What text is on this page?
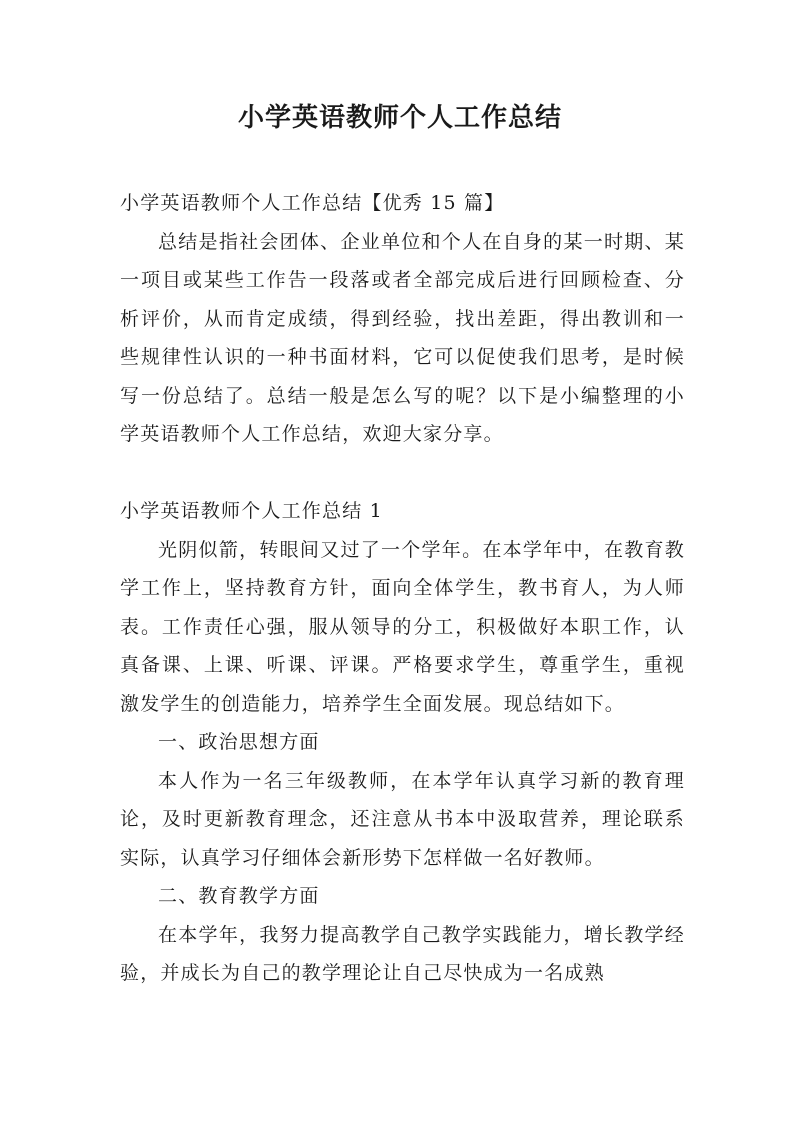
小学英语教师个人工作总结

小学英语教师个人工作总结【优秀 15 篇】

总结是指社会团体、企业单位和个人在自身的某一时期、某一项目或某些工作告一段落或者全部完成后进行回顾检查、分析评价，从而肯定成绩，得到经验，找出差距，得出教训和一些规律性认识的一种书面材料，它可以促使我们思考，是时候写一份总结了。总结一般是怎么写的呢？以下是小编整理的小学英语教师个人工作总结，欢迎大家分享。

小学英语教师个人工作总结 1

光阴似箭，转眼间又过了一个学年。在本学年中，在教育教学工作上，坚持教育方针，面向全体学生，教书育人，为人师表。工作责任心强，服从领导的分工，积极做好本职工作，认真备课、上课、听课、评课。严格要求学生，尊重学生，重视激发学生的创造能力，培养学生全面发展。现总结如下。

一、政治思想方面

本人作为一名三年级教师，在本学年认真学习新的教育理论，及时更新教育理念，还注意从书本中汲取营养，理论联系实际，认真学习仔细体会新形势下怎样做一名好教师。

二、教育教学方面

在本学年，我努力提高教学自己教学实践能力，增长教学经验，并成长为自己的教学理论让自己尽快成为一名成熟
